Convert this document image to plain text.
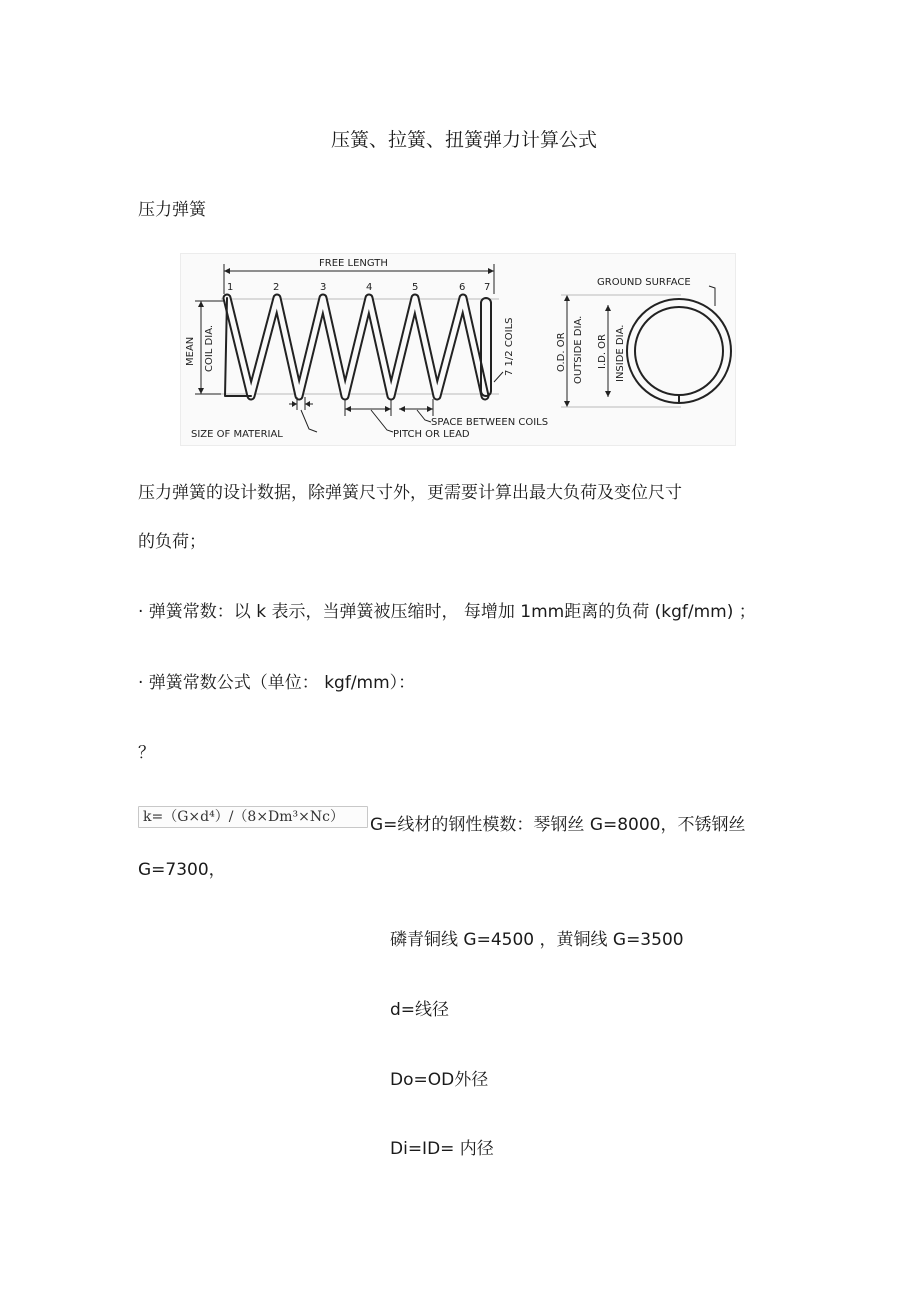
压簧、拉簧、扭簧弹力计算公式
压力弹簧
FREE LENGTH
1	2	3	4	5	6 7
MEAN COIL DIA.	7 1/2 COILS
SIZE OF MATERIAL	PITCH OR LEAD
SPACE BETWEEN COILS
O.D. OR OUTSIDE DIA. I.D. OR INSIDE DIA.
GROUND SURFACE
压力弹簧的设计数据，除弹簧尺寸外，更需要计算出最大负荷及变位尺寸
的负荷；
· 弹簧常数：以 k 表示，当弹簧被压缩时， 每增加 1mm距离的负荷 (kgf/mm) ；
· 弹簧常数公式（单位： kgf/mm）：
？
k=（G×d⁴）/（8×Dm³×Nc）	G=线材的钢性模数：琴钢丝 G=8000，不锈钢丝
G=7300，
磷青铜线 G=4500 ，黄铜线 G=3500
d=线径
Do=OD外径
Di=ID= 内径
